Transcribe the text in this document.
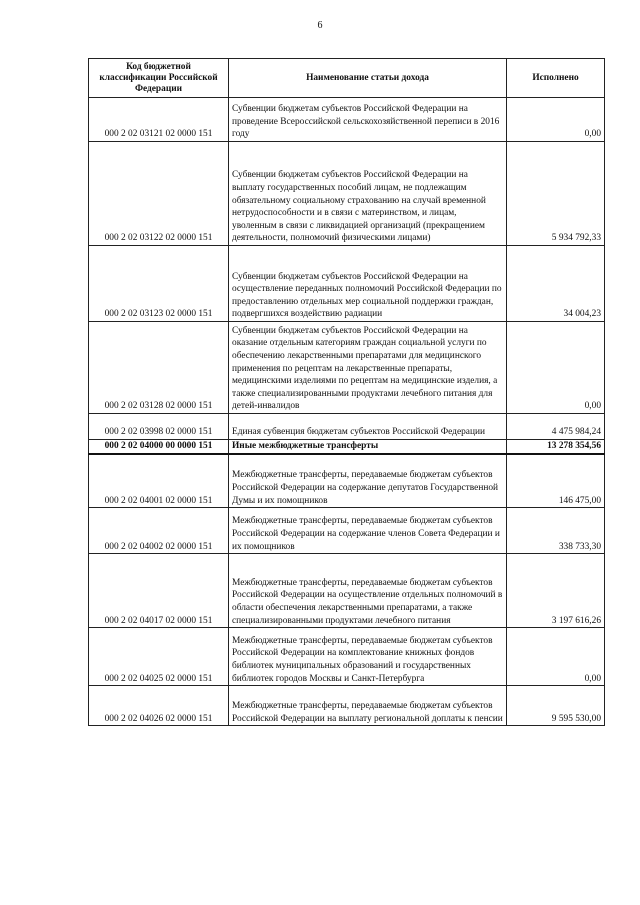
6
Код бюджетной классификации Российской Федерации	Наименование статьи дохода	Исполнено
000 2 02 03121 02 0000 151	Субвенции бюджетам субъектов Российской Федерации на проведение Всероссийской сельскохозяйственной переписи в 2016 году	0,00
000 2 02 03122 02 0000 151	Субвенции бюджетам субъектов Российской Федерации на выплату государственных пособий лицам, не подлежащим обязательному социальному страхованию на случай временной нетрудоспособности и в связи с материнством, и лицам, уволенным в связи с ликвидацией организаций (прекращением деятельности, полномочий физическими лицами)	5 934 792,33
000 2 02 03123 02 0000 151	Субвенции бюджетам субъектов Российской Федерации на осуществление переданных полномочий Российской Федерации по предоставлению отдельных мер социальной поддержки граждан, подвергшихся воздействию радиации	34 004,23
000 2 02 03128 02 0000 151	Субвенции бюджетам субъектов Российской Федерации на оказание отдельным категориям граждан социальной услуги по обеспечению лекарственными препаратами для медицинского применения по рецептам на лекарственные препараты, медицинскими изделиями по рецептам на медицинские изделия, а также специализированными продуктами лечебного питания для детей-инвалидов	0,00
000 2 02 03998 02 0000 151	Единая субвенция бюджетам субъектов Российской Федерации	4 475 984,24
000 2 02 04000 00 0000 151	Иные межбюджетные трансферты	13 278 354,56
000 2 02 04001 02 0000 151	Межбюджетные трансферты, передаваемые бюджетам субъектов Российской Федерации на содержание депутатов Государственной Думы и их помощников	146 475,00
000 2 02 04002 02 0000 151	Межбюджетные трансферты, передаваемые бюджетам субъектов Российской Федерации на содержание членов Совета Федерации и их помощников	338 733,30
000 2 02 04017 02 0000 151	Межбюджетные трансферты, передаваемые бюджетам субъектов Российской Федерации на осуществление отдельных полномочий в области обеспечения лекарственными препаратами, а также специализированными продуктами лечебного питания	3 197 616,26
000 2 02 04025 02 0000 151	Межбюджетные трансферты, передаваемые бюджетам субъектов Российской Федерации на комплектование книжных фондов библиотек муниципальных образований и государственных библиотек городов Москвы и Санкт-Петербурга	0,00
000 2 02 04026 02 0000 151	Межбюджетные трансферты, передаваемые бюджетам субъектов Российской Федерации на выплату региональной доплаты к пенсии	9 595 530,00
